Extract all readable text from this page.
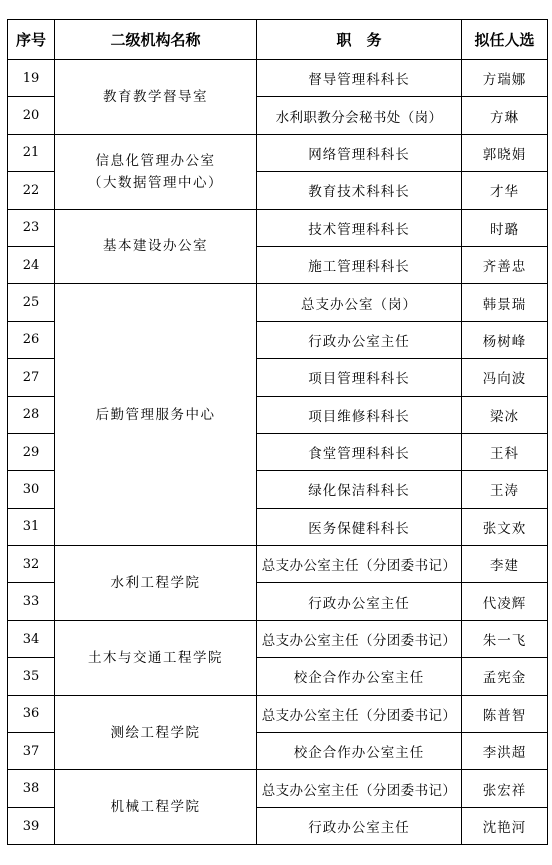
序号	二级机构名称	职　务	拟任人选
19	教育教学督导室	督导管理科科长	方瑞娜
20		水利职教分会秘书处（岗）	方琳
21	信息化管理办公室
（大数据管理中心）	网络管理科科长	郭晓娟
22		教育技术科科长	才华
23	基本建设办公室	技术管理科科长	时璐
24		施工管理科科长	齐善忠
25	后勤管理服务中心	总支办公室（岗）	韩景瑞
26		行政办公室主任	杨树峰
27		项目管理科科长	冯向波
28		项目维修科科长	梁冰
29		食堂管理科科长	王科
30		绿化保洁科科长	王涛
31		医务保健科科长	张文欢
32	水利工程学院	总支办公室主任（分团委书记）	李建
33		行政办公室主任	代凌辉
34	土木与交通工程学院	总支办公室主任（分团委书记）	朱一飞
35		校企合作办公室主任	孟宪金
36	测绘工程学院	总支办公室主任（分团委书记）	陈普智
37		校企合作办公室主任	李洪超
38	机械工程学院	总支办公室主任（分团委书记）	张宏祥
39		行政办公室主任	沈艳河
